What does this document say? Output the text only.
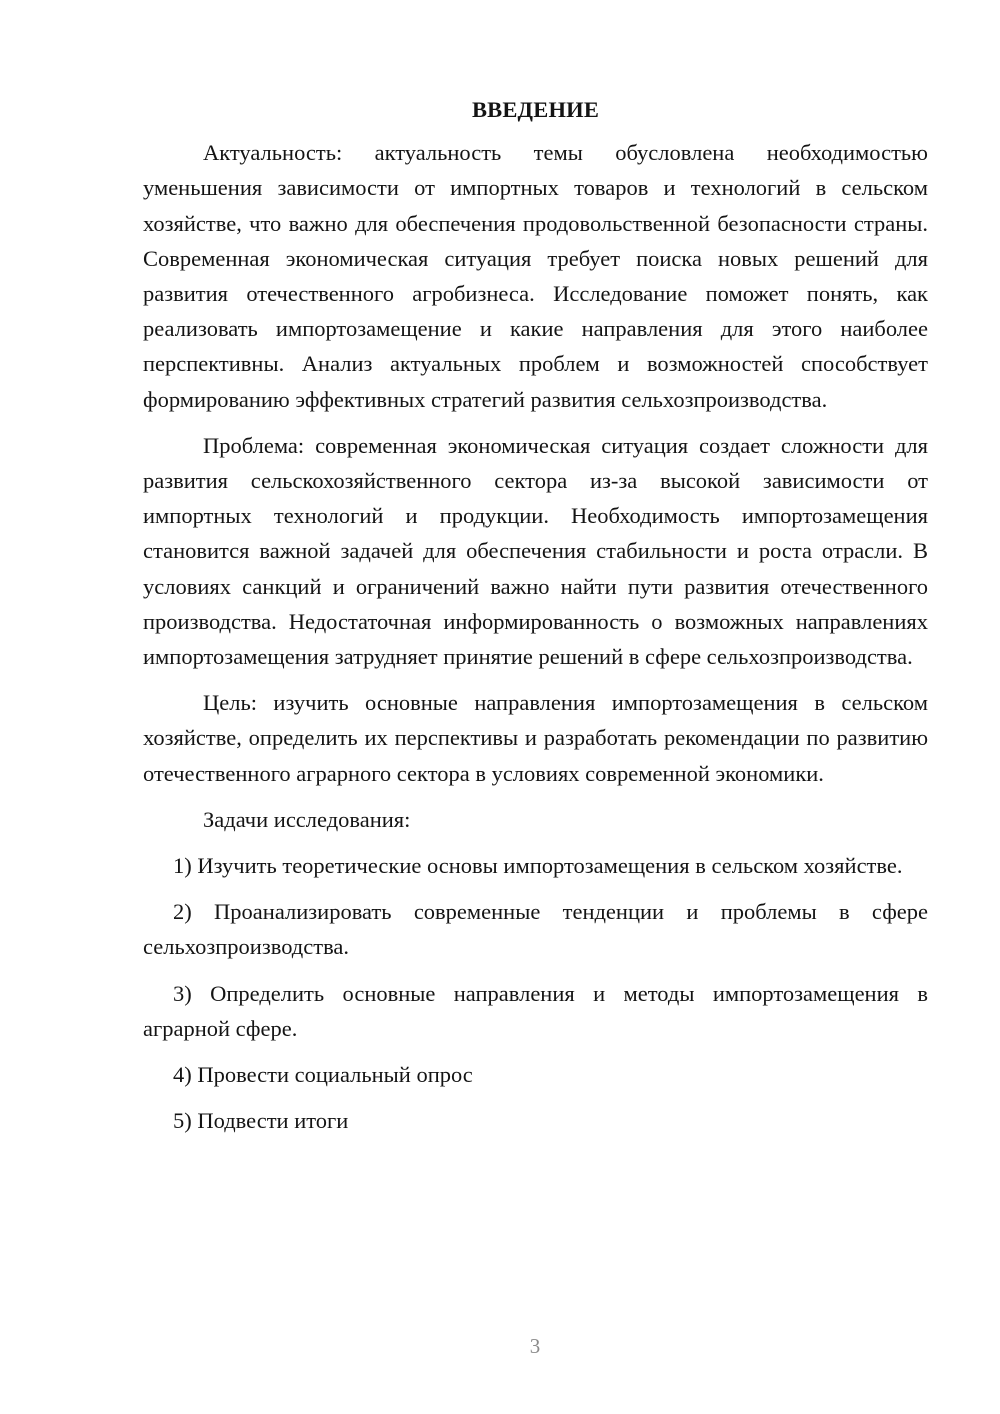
ВВЕДЕНИЕ

Актуальность: актуальность темы обусловлена необходимостью уменьшения зависимости от импортных товаров и технологий в сельском хозяйстве, что важно для обеспечения продовольственной безопасности страны. Современная экономическая ситуация требует поиска новых решений для развития отечественного агробизнеса. Исследование поможет понять, как реализовать импортозамещение и какие направления для этого наиболее перспективны. Анализ актуальных проблем и возможностей способствует формированию эффективных стратегий развития сельхозпроизводства.

Проблема: современная экономическая ситуация создает сложности для развития сельскохозяйственного сектора из-за высокой зависимости от импортных технологий и продукции. Необходимость импортозамещения становится важной задачей для обеспечения стабильности и роста отрасли. В условиях санкций и ограничений важно найти пути развития отечественного производства. Недостаточная информированность о возможных направлениях импортозамещения затрудняет принятие решений в сфере сельхозпроизводства.

Цель: изучить основные направления импортозамещения в сельском хозяйстве, определить их перспективы и разработать рекомендации по развитию отечественного аграрного сектора в условиях современной экономики.

Задачи исследования:

1) Изучить теоретические основы импортозамещения в сельском хозяйстве.

2) Проанализировать современные тенденции и проблемы в сфере сельхозпроизводства.

3) Определить основные направления и методы импортозамещения в аграрной сфере.

4) Провести социальный опрос

5) Подвести итоги

3
